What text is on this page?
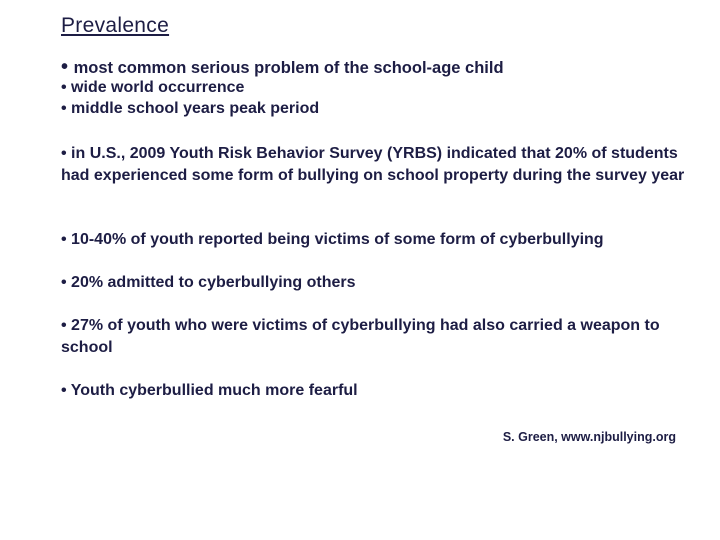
Prevalence
• most common serious problem of the school-age child
• wide world occurrence
• middle school years peak period
• in U.S., 2009 Youth Risk Behavior Survey (YRBS) indicated that 20% of students had experienced some form of bullying on school property during the survey year
• 10-40% of youth reported being victims of some form of cyberbullying
• 20% admitted to cyberbullying others
• 27% of youth who were victims of cyberbullying had also carried a weapon to school
• Youth cyberbullied much more fearful
S. Green, www.njbullying.org
